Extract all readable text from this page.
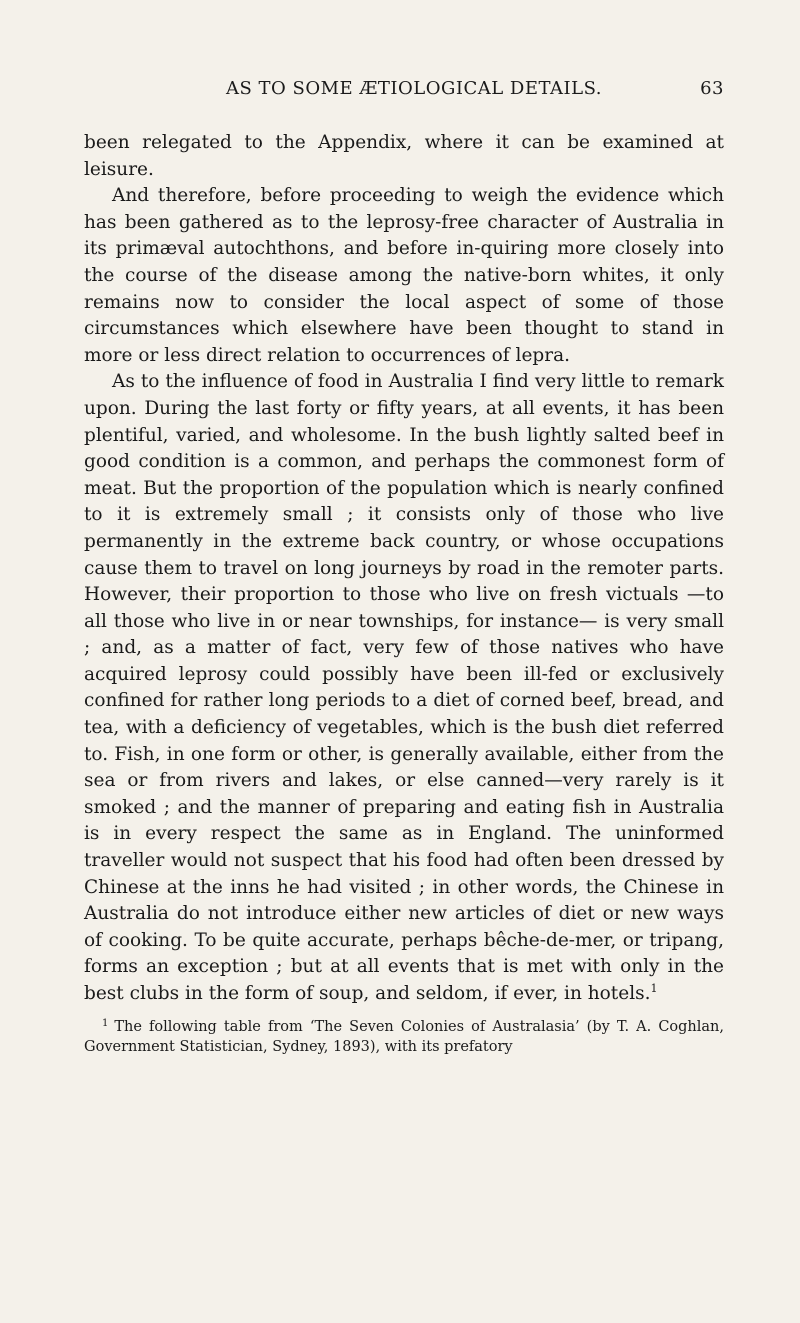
AS TO SOME ÆTIOLOGICAL DETAILS.	63

been relegated to the Appendix, where it can be examined at leisure.

And therefore, before proceeding to weigh the evidence which has been gathered as to the leprosy-free character of Australia in its primæval autochthons, and before in-quiring more closely into the course of the disease among the native-born whites, it only remains now to consider the local aspect of some of those circumstances which elsewhere have been thought to stand in more or less direct relation to occurrences of lepra.

As to the influence of food in Australia I find very little to remark upon. During the last forty or fifty years, at all events, it has been plentiful, varied, and wholesome. In the bush lightly salted beef in good condition is a common, and perhaps the commonest form of meat. But the proportion of the population which is nearly confined to it is extremely small ; it consists only of those who live permanently in the extreme back country, or whose occupations cause them to travel on long journeys by road in the remoter parts. However, their proportion to those who live on fresh victuals —to all those who live in or near townships, for instance— is very small ; and, as a matter of fact, very few of those natives who have acquired leprosy could possibly have been ill-fed or exclusively confined for rather long periods to a diet of corned beef, bread, and tea, with a deficiency of vegetables, which is the bush diet referred to. Fish, in one form or other, is generally available, either from the sea or from rivers and lakes, or else canned—very rarely is it smoked ; and the manner of preparing and eating fish in Australia is in every respect the same as in England. The uninformed traveller would not suspect that his food had often been dressed by Chinese at the inns he had visited ; in other words, the Chinese in Australia do not introduce either new articles of diet or new ways of cooking. To be quite accurate, perhaps bêche-de-mer, or tripang, forms an exception ; but at all events that is met with only in the best clubs in the form of soup, and seldom, if ever, in hotels.$^1$

$^1$ The following table from ‘The Seven Colonies of Australasia’ (by T. A. Coghlan, Government Statistician, Sydney, 1893), with its prefatory
